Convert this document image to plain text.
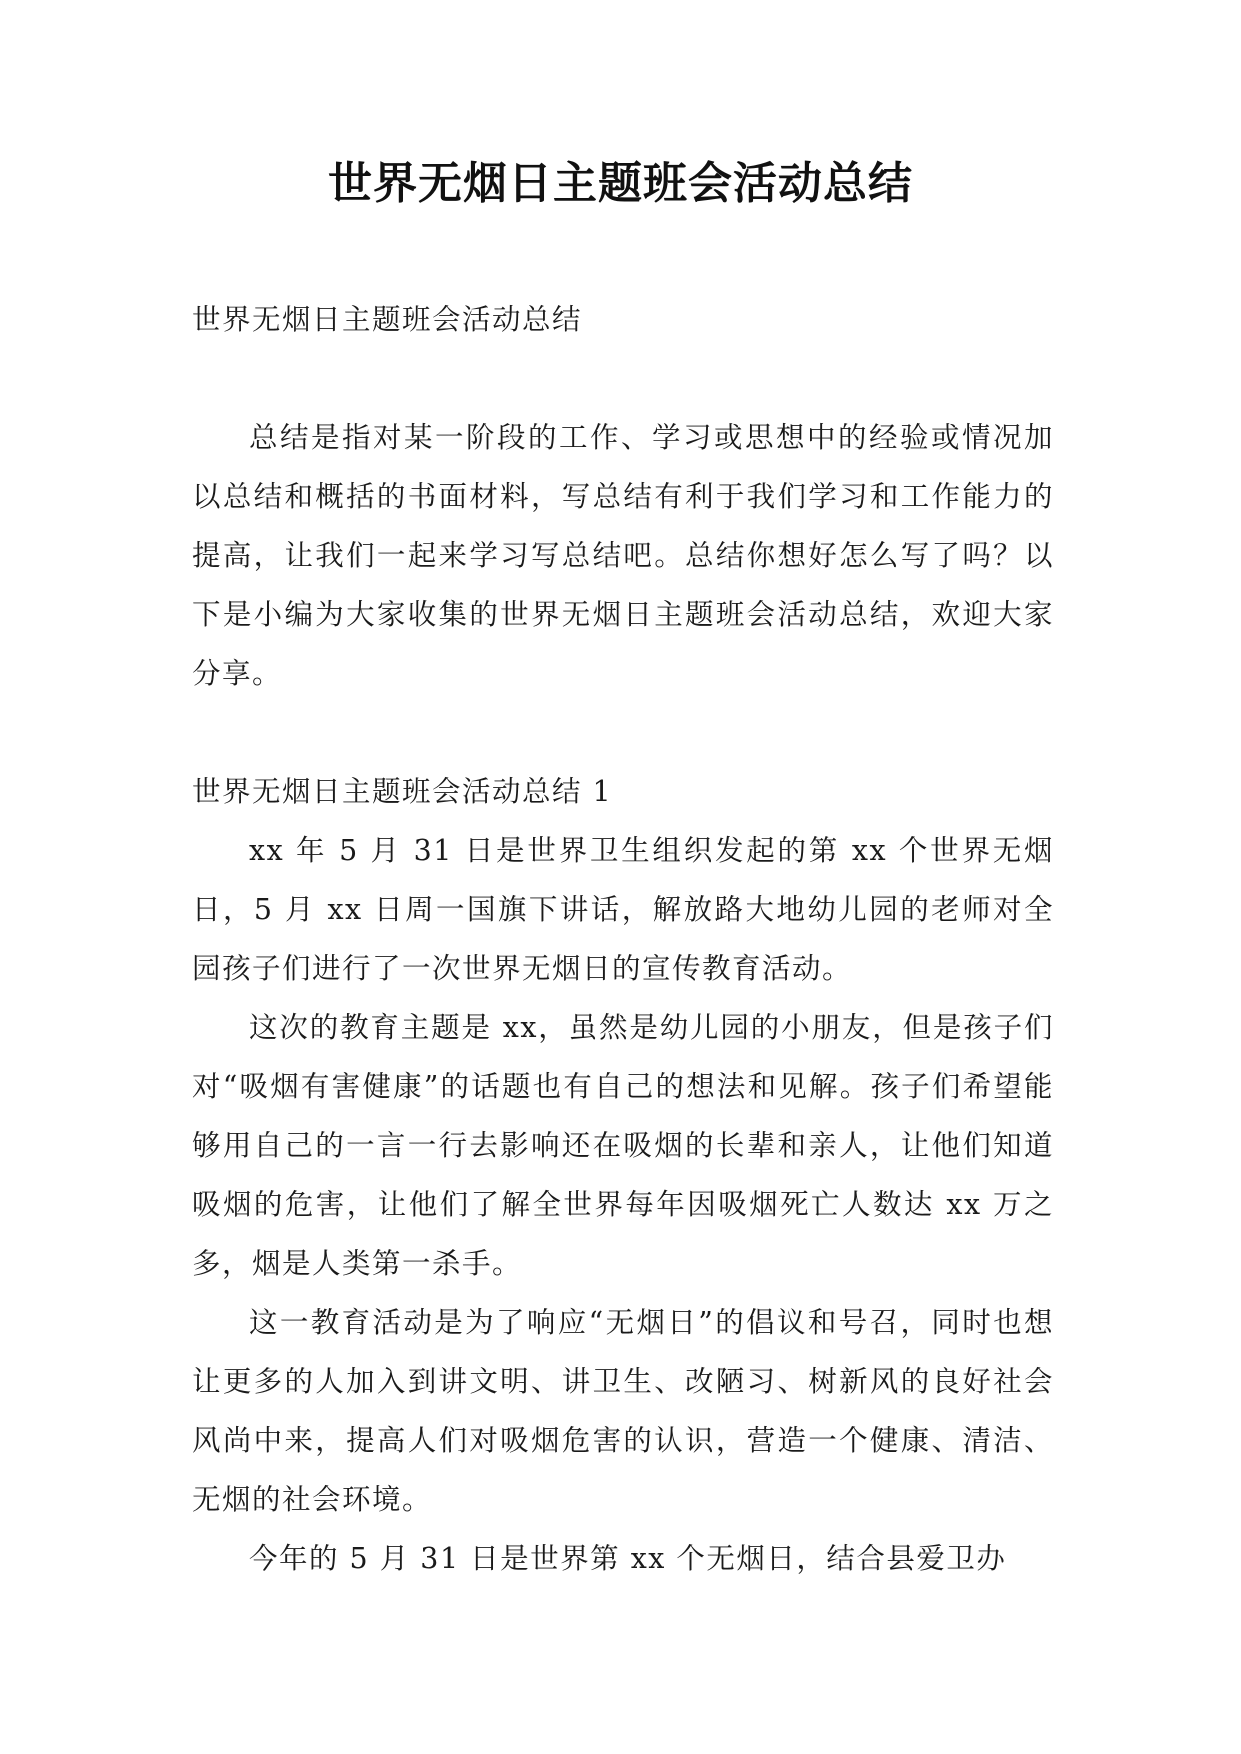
世界无烟日主题班会活动总结

世界无烟日主题班会活动总结

总结是指对某一阶段的工作、学习或思想中的经验或情况加以总结和概括的书面材料，写总结有利于我们学习和工作能力的提高，让我们一起来学习写总结吧。总结你想好怎么写了吗？以下是小编为大家收集的世界无烟日主题班会活动总结，欢迎大家分享。

世界无烟日主题班会活动总结 1

xx 年 5 月 31 日是世界卫生组织发起的第 xx 个世界无烟日，5 月 xx 日周一国旗下讲话，解放路大地幼儿园的老师对全园孩子们进行了一次世界无烟日的宣传教育活动。

这次的教育主题是 xx，虽然是幼儿园的小朋友，但是孩子们对“吸烟有害健康”的话题也有自己的想法和见解。孩子们希望能够用自己的一言一行去影响还在吸烟的长辈和亲人，让他们知道吸烟的危害，让他们了解全世界每年因吸烟死亡人数达 xx 万之多，烟是人类第一杀手。

这一教育活动是为了响应“无烟日”的倡议和号召，同时也想让更多的人加入到讲文明、讲卫生、改陋习、树新风的良好社会风尚中来，提高人们对吸烟危害的认识，营造一个健康、清洁、无烟的社会环境。

今年的 5 月 31 日是世界第 xx 个无烟日，结合县爱卫办
